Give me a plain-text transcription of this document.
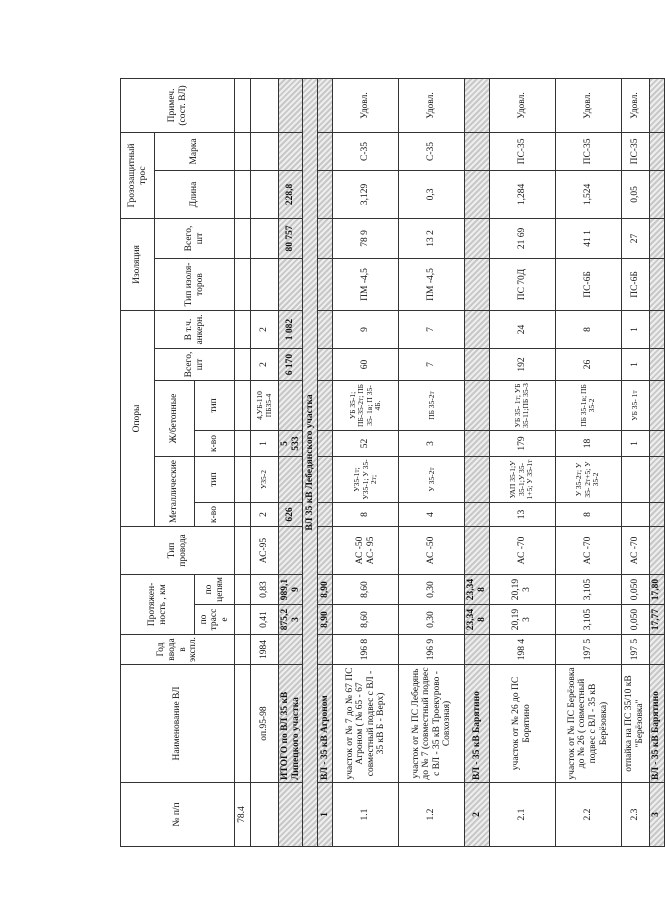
№ п/п	Наименование ВЛ	Год ввода в экспл.	Протяженность , км		Тип провода	Опоры						Изоляция		Грозозащитный трос		Примеч. (сост. ВЛ)
						Металлические		Ж/бетонные		Всего, шт	В т.ч. анкерн.	Тип изоляторов	Всего, шт	Длина	Марка	
			по трассе	по цепям		к-во	тип	к-во	тип							
78.4																
	оп.95-98	1984	0,41	0,83	АС-95	2	У35-2	1	4,УБ-110 ПБ35-4	2	2					
	ИТОГО по ВЛ 35 кВ Липецкого участка		875,23	989,19		626		5 533		6 170	1 082		80 757	228,8		
ВЛ 35 кВ Лебедянского участка																
1	ВЛ - 35 кВ Агроном		8,90	8,90												
1.1	участок от № 7 до № 67 ПС Агроном ( № 65 - 67 совместный подвес с ВЛ - 35 кВ Б - Верх)	196 8	8,60	8,60	АС -50 АС- 95	8	У35-1т; У35-1; У 35-2т;	52	УБ 35-1; ПБ-35-2т; ПБ 35- 1в; П 35- 4Б.	60	9	ПМ -4,5	78 9	3,129	С-35	Удовл.
1.2	участок от № ПС Лебедянь до № 7 (совместный подвес с ВЛ - 35 кВ Троекурово - Совхозная)	196 9	0,30	0,30	АС -50	4	У 35-2т	3	ПБ 35-2т	7	7	ПМ -4,5	13 2	0,3	С-35	Удовл.
2	ВЛ - 35 кВ Барятино		23,348	23,348												
2.1	участок от № 26 до ПС Борятино	198 4	20,193	20,193	АС -70	13	УАП 35-1;У 35-1;У 35-1+5; У 35-1т	179	УБ 35- 1т; УБ 35-11;ПБ 35-3	192	24	ПС 70Д	21 69	1,284	ПС-35	Удовл.
2.2	участок от № ПС Берёзовка до № 26 ( совместный подвес с ВЛ - 35 кВ Берёзовка)	197 5	3,105	3,105	АС -70	8	У 35-2т; У 35- 2т+5; У 35-2	18	ПБ 35-1в; ПБ 35-2	26	8	ПС-6Б	41 1	1,524	ПС-35	Удовл.
2.3	отпайка на ПС 35/10 кВ "Берёзовка"	197 5	0,050	0,050	АС -70			1	УБ 35- 1т	1	1	ПС-6Б	27	0,05	ПС-35	Удовл.
3	ВЛ - 35 кВ Барятино		17,77	17,80												
